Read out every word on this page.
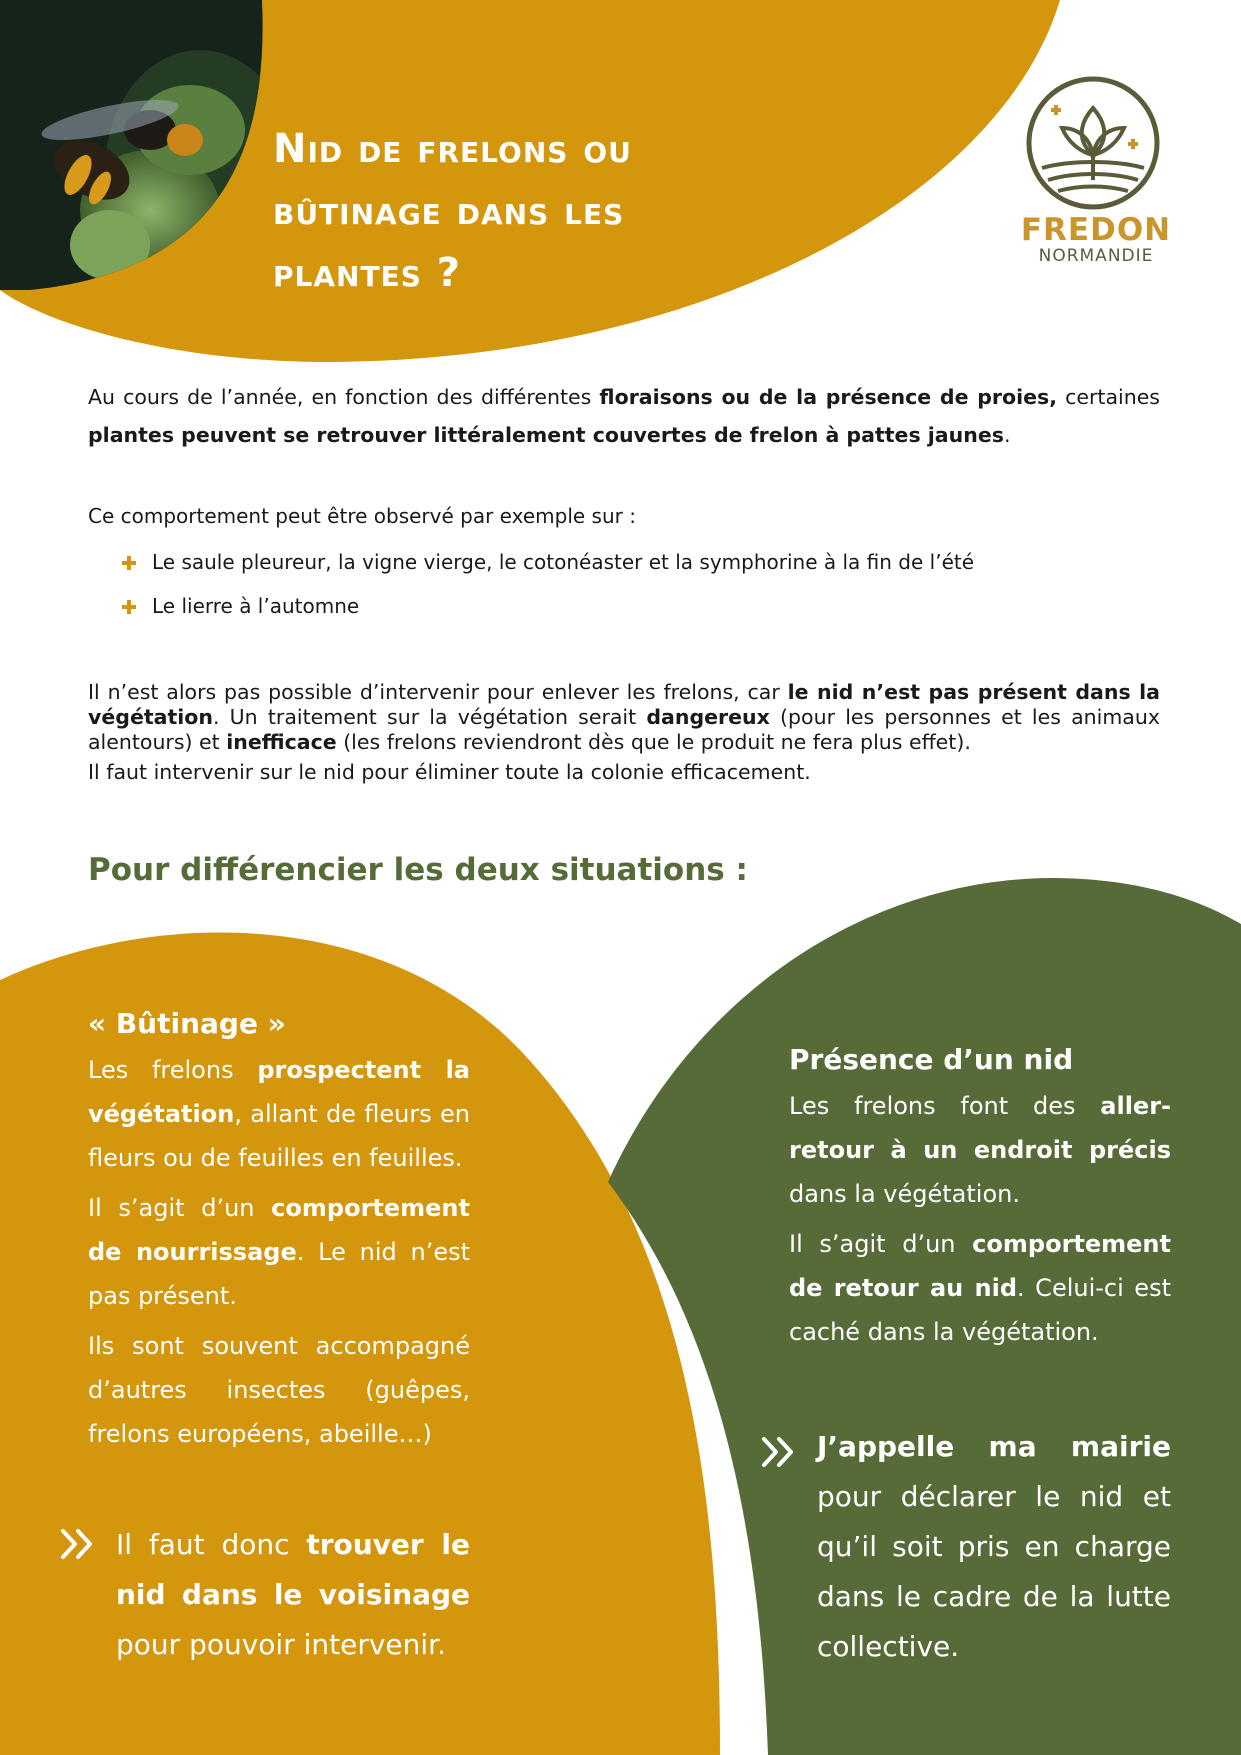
FREDON
NORMANDIE
Nid de frelons ou bûtinage dans les plantes ?
Au cours de l’année, en fonction des différentes floraisons ou de la présence de proies, certaines plantes peuvent se retrouver littéralement couvertes de frelon à pattes jaunes.
Ce comportement peut être observé par exemple sur :
Le saule pleureur, la vigne vierge, le cotonéaster et la symphorine à la fin de l’été
Le lierre à l’automne
Il n’est alors pas possible d’intervenir pour enlever les frelons, car le nid n’est pas présent dans la végétation. Un traitement sur la végétation serait dangereux (pour les personnes et les animaux alentours) et inefficace (les frelons reviendront dès que le produit ne fera plus effet).
Il faut intervenir sur le nid pour éliminer toute la colonie efficacement.
Pour différencier les deux situations :
« Bûtinage »

Les frelons prospectent la végétation, allant de fleurs en fleurs ou de feuilles en feuilles.

Il s’agit d’un comportement de nourrissage. Le nid n’est pas présent.

Ils sont souvent accompagné d’autres insectes (guêpes, frelons européens, abeille…)

Il faut donc trouver le nid dans le voisinage pour pouvoir intervenir.
Présence d’un nid

Les frelons font des aller-retour à un endroit précis dans la végétation.

Il s’agit d’un comportement de retour au nid. Celui-ci est caché dans la végétation.

J’appelle ma mairie pour déclarer le nid et qu’il soit pris en charge dans le cadre de la lutte collective.
